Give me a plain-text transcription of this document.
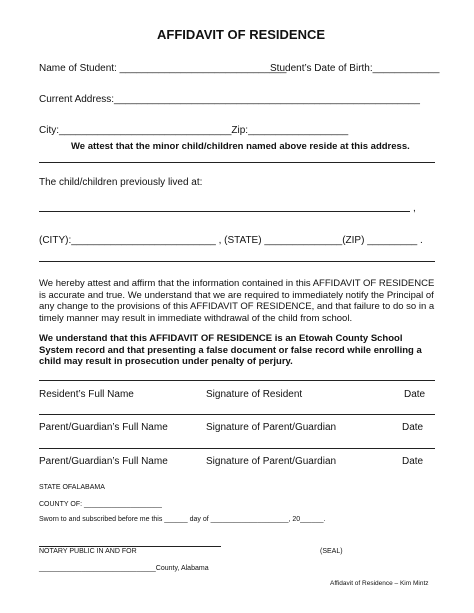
AFFIDAVIT OF RESIDENCE
Name of Student: ______________________________
Student’s Date of Birth:____________
Current Address:_______________________________________________________
City:_______________________________Zip:__________________
We attest that the minor child/children named above reside at this address.
The child/children previously lived at:
,
(CITY):__________________________ , (STATE) ______________(ZIP) _________ .
We hereby attest and affirm that the information contained in this AFFIDAVIT OF RESIDENCE is accurate and true. We understand that we are required to immediately notify the Principal of any change to the provisions of this AFFIDAVIT OF RESIDENCE, and that failure to do so in a timely manner may result in immediate withdrawal of the child from school.
We understand that this AFFIDAVIT OF RESIDENCE is an Etowah County School System record and that presenting a false document or false record while enrolling a child may result in prosecution under penalty of perjury.
Resident’s Full Name	Signature of Resident	Date
Parent/Guardian’s Full Name	Signature of Parent/Guardian	Date
Parent/Guardian’s Full Name	Signature of Parent/Guardian	Date
STATE OFALABAMA
COUNTY OF: ____________________
Sworn to and subscribed before me this ______ day of ____________________, 20______.
NOTARY PUBLIC IN AND FOR	(SEAL)
______________________________County, Alabama
Affidavit of Residence – Kim Mintz
